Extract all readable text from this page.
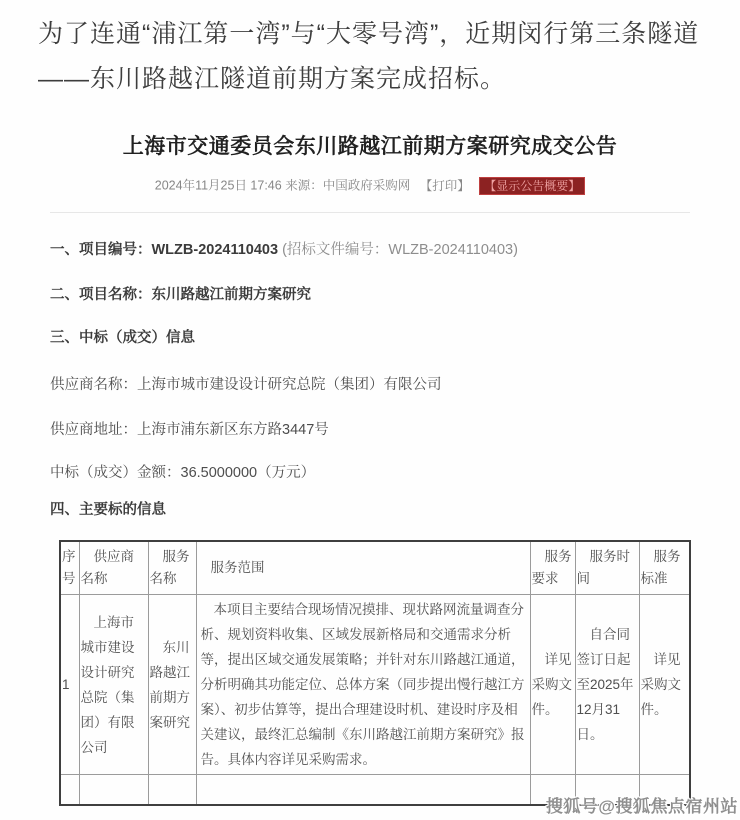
为了连通“浦江第一湾”与“大零号湾”，近期闵行第三条隧道——东川路越江隧道前期方案完成招标。

上海市交通委员会东川路越江前期方案研究成交公告
2024年11月25日 17:46 来源：中国政府采购网 【打印】 【显示公告概要】

一、项目编号：WLZB-2024110403 (招标文件编号：WLZB-2024110403)

二、项目名称：东川路越江前期方案研究

三、中标（成交）信息

供应商名称：上海市城市建设设计研究总院（集团）有限公司

供应商地址：上海市浦东新区东方路3447号

中标（成交）金额：36.5000000（万元）

四、主要标的信息

序号	供应商名称	服务名称	服务范围	服务要求	服务时间	服务标准
1	上海市城市建设设计研究总院（集团）有限公司	东川路越江前期方案研究	本项目主要结合现场情况摸排、现状路网流量调查分析、规划资料收集、区域发展新格局和交通需求分析等，提出区域交通发展策略；并针对东川路越江通道，分析明确其功能定位、总体方案（同步提出慢行越江方案）、初步估算等，提出合理建设时机、建设时序及相关建议，最终汇总编制《东川路越江前期方案研究》报告。具体内容详见采购需求。	详见采购文件。	自合同签订日起至2025年12月31日。	详见采购文件。

搜狐号@搜狐焦点宿州站
